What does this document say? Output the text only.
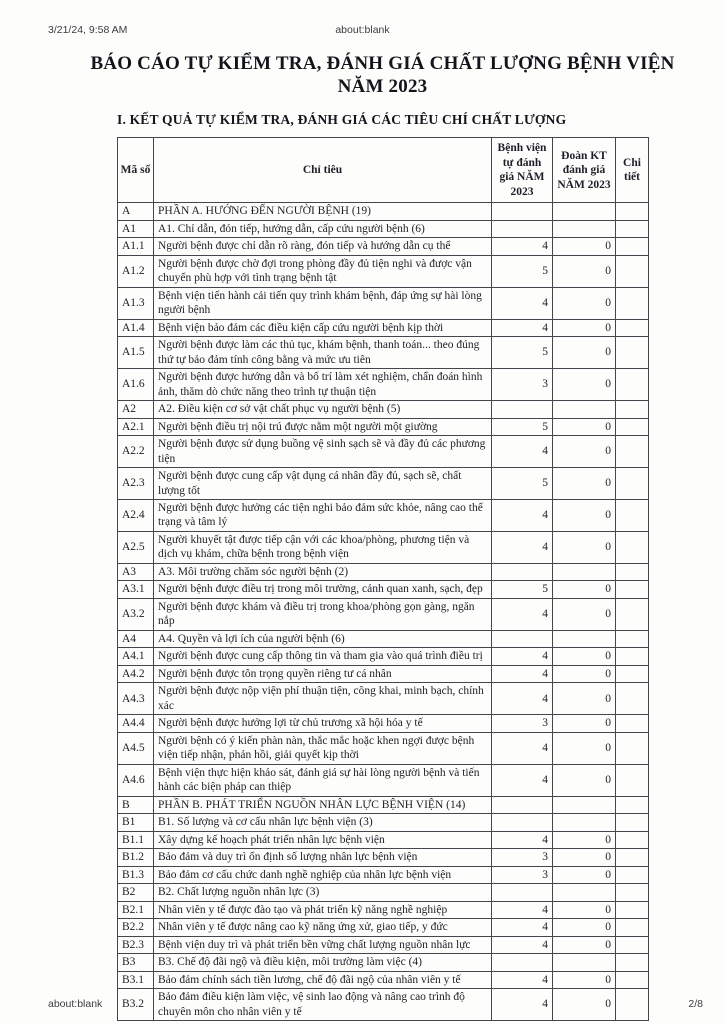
3/21/24, 9:58 AM	about:blank
BÁO CÁO TỰ KIỂM TRA, ĐÁNH GIÁ CHẤT LƯỢNG BỆNH VIỆN
NĂM 2023
I. KẾT QUẢ TỰ KIỂM TRA, ĐÁNH GIÁ CÁC TIÊU CHÍ CHẤT LƯỢNG
Mã số	Chỉ tiêu	Bệnh viện tự đánh giá NĂM 2023	Đoàn KT đánh giá NĂM 2023	Chi tiết
A	PHẦN A. HƯỚNG ĐẾN NGƯỜI BỆNH (19)			
A1	A1. Chỉ dẫn, đón tiếp, hướng dẫn, cấp cứu người bệnh (6)			
A1.1	Người bệnh được chỉ dẫn rõ ràng, đón tiếp và hướng dẫn cụ thể	4	0	
A1.2	Người bệnh được chờ đợi trong phòng đầy đủ tiện nghi và được vận chuyển phù hợp với tình trạng bệnh tật	5	0	
A1.3	Bệnh viện tiến hành cải tiến quy trình khám bệnh, đáp ứng sự hài lòng người bệnh	4	0	
A1.4	Bệnh viện bảo đảm các điều kiện cấp cứu người bệnh kịp thời	4	0	
A1.5	Người bệnh được làm các thủ tục, khám bệnh, thanh toán... theo đúng thứ tự bảo đảm tính công bằng và mức ưu tiên	5	0	
A1.6	Người bệnh được hướng dẫn và bố trí làm xét nghiệm, chẩn đoán hình ảnh, thăm dò chức năng theo trình tự thuận tiện	3	0	
A2	A2. Điều kiện cơ sở vật chất phục vụ người bệnh (5)			
A2.1	Người bệnh điều trị nội trú được nằm một người một giường	5	0	
A2.2	Người bệnh được sử dụng buồng vệ sinh sạch sẽ và đầy đủ các phương tiện	4	0	
A2.3	Người bệnh được cung cấp vật dụng cá nhân đầy đủ, sạch sẽ, chất lượng tốt	5	0	
A2.4	Người bệnh được hưởng các tiện nghi bảo đảm sức khỏe, nâng cao thể trạng và tâm lý	4	0	
A2.5	Người khuyết tật được tiếp cận với các khoa/phòng, phương tiện và dịch vụ khám, chữa bệnh trong bệnh viện	4	0	
A3	A3. Môi trường chăm sóc người bệnh (2)			
A3.1	Người bệnh được điều trị trong môi trường, cảnh quan xanh, sạch, đẹp	5	0	
A3.2	Người bệnh được khám và điều trị trong khoa/phòng gọn gàng, ngăn nắp	4	0	
A4	A4. Quyền và lợi ích của người bệnh (6)			
A4.1	Người bệnh được cung cấp thông tin và tham gia vào quá trình điều trị	4	0	
A4.2	Người bệnh được tôn trọng quyền riêng tư cá nhân	4	0	
A4.3	Người bệnh được nộp viện phí thuận tiện, công khai, minh bạch, chính xác	4	0	
A4.4	Người bệnh được hưởng lợi từ chủ trương xã hội hóa y tế	3	0	
A4.5	Người bệnh có ý kiến phàn nàn, thắc mắc hoặc khen ngợi được bệnh viện tiếp nhận, phản hồi, giải quyết kịp thời	4	0	
A4.6	Bệnh viện thực hiện khảo sát, đánh giá sự hài lòng người bệnh và tiến hành các biện pháp can thiệp	4	0	
B	PHẦN B. PHÁT TRIỂN NGUỒN NHÂN LỰC BỆNH VIỆN (14)			
B1	B1. Số lượng và cơ cấu nhân lực bệnh viện (3)			
B1.1	Xây dựng kế hoạch phát triển nhân lực bệnh viện	4	0	
B1.2	Bảo đảm và duy trì ổn định số lượng nhân lực bệnh viện	3	0	
B1.3	Bảo đảm cơ cấu chức danh nghề nghiệp của nhân lực bệnh viện	3	0	
B2	B2. Chất lượng nguồn nhân lực (3)			
B2.1	Nhân viên y tế được đào tạo và phát triển kỹ năng nghề nghiệp	4	0	
B2.2	Nhân viên y tế được nâng cao kỹ năng ứng xử, giao tiếp, y đức	4	0	
B2.3	Bệnh viện duy trì và phát triển bền vững chất lượng nguồn nhân lực	4	0	
B3	B3. Chế độ đãi ngộ và điều kiện, môi trường làm việc (4)			
B3.1	Bảo đảm chính sách tiền lương, chế độ đãi ngộ của nhân viên y tế	4	0	
B3.2	Bảo đảm điều kiện làm việc, vệ sinh lao động và nâng cao trình độ chuyên môn cho nhân viên y tế	4	0	
about:blank	2/8
